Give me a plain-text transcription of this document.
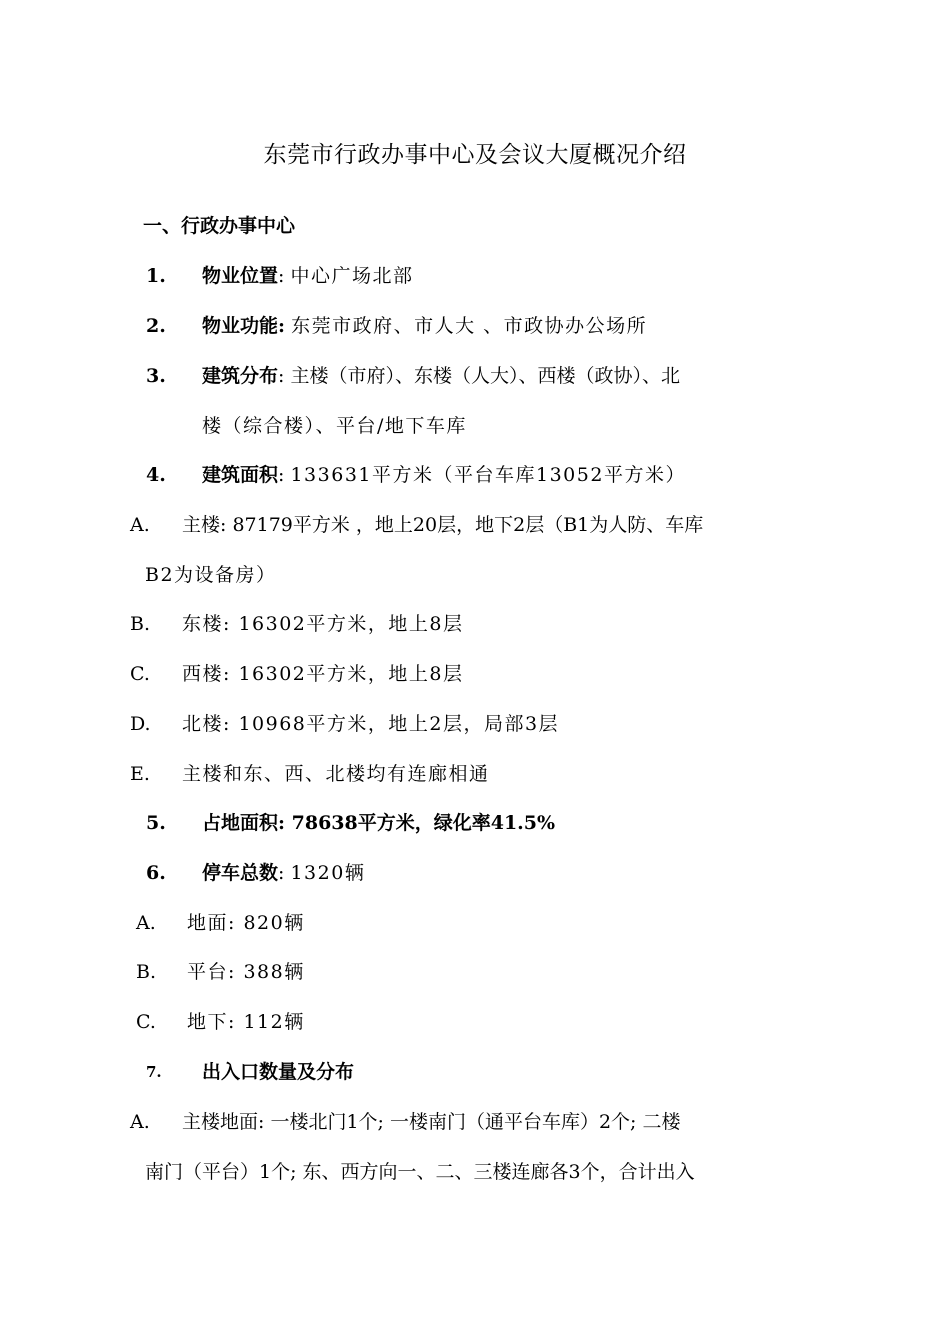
东莞市行政办事中心及会议大厦概况介绍
一、行政办事中心
1. 物业位置: 中心广场北部
2. 物业功能: 东莞市政府、市人大 、市政协办公场所
3. 建筑分布: 主楼（市府）、东楼（人大）、西楼（政协）、北
楼（综合楼）、平台/地下车库
4. 建筑面积: 133631平方米（平台车库13052平方米）
A. 主楼: 87179平方米 ，地上20层，地下2层（B1为人防、车库
B2为设备房）
B. 东楼: 16302平方米，地上8层
C. 西楼: 16302平方米，地上8层
D. 北楼: 10968平方米，地上2层，局部3层
E. 主楼和东、西、北楼均有连廊相通
5. 占地面积: 78638平方米，绿化率41.5%
6. 停车总数: 1320辆
A. 地面: 820辆
B. 平台: 388辆
C. 地下: 112辆
7. 出入口数量及分布
A. 主楼地面: 一楼北门1个; 一楼南门（通平台车库）2个; 二楼
南门（平台）1个; 东、西方向一、二、三楼连廊各3个，合计出入
